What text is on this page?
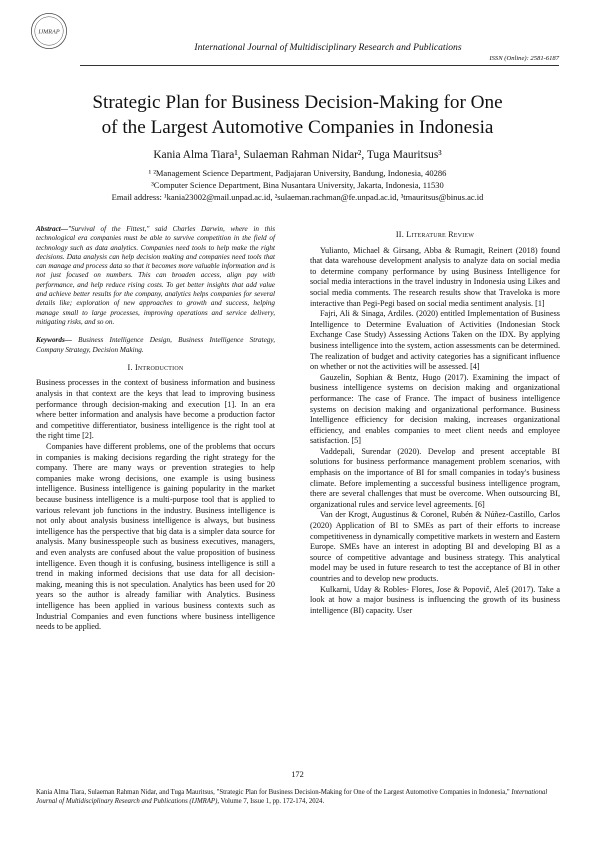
IJMRAP
International Journal of Multidisciplinary Research and Publications
ISSN (Online): 2581-6187
Strategic Plan for Business Decision-Making for One
of the Largest Automotive Companies in Indonesia
Kania Alma Tiara¹, Sulaeman Rahman Nidar², Tuga Mauritsus³
¹ ²Management Science Department, Padjajaran University, Bandung, Indonesia, 40286
³Computer Science Department, Bina Nusantara University, Jakarta, Indonesia, 11530
Email address: ¹kania23002@mail.unpad.ac.id, ²sulaeman.rachman@fe.unpad.ac.id, ³tmauritsus@binus.ac.id
Abstract—"Survival of the Fittest," said Charles Darwin, where in this technological era companies must be able to survive competition in the field of technology such as data analytics. Companies need tools to help make the right decisions. Data analysis can help decision making and companies need tools that can manage and process data so that it becomes more valuable information and is not just focused on numbers. This can broaden access, align pay with performance, and help reduce rising costs. To get better insights that add value and achieve better results for the company, analytics helps companies for several details like; exploration of new approaches to growth and success, helping manage small to large processes, improving operations and service delivery, mitigating risks, and so on.
Keywords— Business Intelligence Design, Business Intelligence Strategy, Company Strategy, Decision Making.
I. Introduction

Business processes in the context of business information and business analysis in that context are the keys that lead to improving business performance through decision-making and execution [1]. In an era where better information and analysis have become a production factor and competitive differentiator, business intelligence is the right tool at the right time [2].

Companies have different problems, one of the problems that occurs in companies is making decisions regarding the right strategy for the company. There are many ways or prevention strategies to help companies make wrong decisions, one example is using business intelligence. Business intelligence is gaining popularity in the market because business intelligence is a multi-purpose tool that is applied to various relevant job functions in the industry. Business intelligence is not only about analysis business intelligence is always, but business intelligence has the perspective that big data is a simpler data source for analysis. Many businesspeople such as business executives, managers, and even analysts are confused about the value proposition of business intelligence. Even though it is confusing, business intelligence is still a trend in making informed decisions that use data for all decision-making, meaning this is not speculation. Analytics has been used for 20 years so the author is already familiar with Analytics. Business intelligence has been applied in various business contexts such as Industrial Companies and even functions where business intelligence needs to be applied.

II. Literature Review

Yulianto, Michael & Girsang, Abba & Rumagit, Reinert (2018) found that data warehouse development analysis to analyze data on social media to determine company performance by using Business Intelligence for social media interactions in the travel industry in Indonesia using Likes and social media comments. The research results show that Traveloka is more interactive than Pegi-Pegi based on social media sentiment analysis. [1]

Fajri, Ali & Sinaga, Ardiles. (2020) entitled Implementation of Business Intelligence to Determine Evaluation of Activities (Indonesian Stock Exchange Case Study) Assessing Actions Taken on the IDX. By applying business intelligence into the system, action assessments can be determined. The realization of budget and activity categories has a significant influence on whether or not the activities will be assessed. [4]

Gauzelin, Sophian & Bentz, Hugo (2017). Examining the impact of business intelligence systems on decision making and organizational performance: The case of France. The impact of business intelligence systems on decision making and organizational performance. Business Intelligence efficiency for decision making, increases organizational efficiency, and enables companies to meet client needs and employee satisfaction. [5]

Vaddepali, Surendar (2020). Develop and present acceptable BI solutions for business performance management problem scenarios, with emphasis on the importance of BI for small companies in today's business climate. Before implementing a successful business intelligence program, there are several challenges that must be overcome. When outsourcing BI, organizational rules and service level agreements. [6]

Van der Krogt, Augustinus & Coronel, Rubén & Núñez-Castillo, Carlos (2020) Application of BI to SMEs as part of their efforts to increase competitiveness in dynamically competitive markets in western and Eastern Europe. SMEs have an interest in adopting BI and developing BI as a source of competitive advantage and business strategy. This analytical model may be used in future research to test the acceptance of BI in other countries and to develop new products.

Kulkarni, Uday & Robles- Flores, Jose & Popovič, Aleš (2017). Take a look at how a major business is influencing the growth of its business intelligence (BI) capacity. User

172
Kania Alma Tiara, Sulaeman Rahman Nidar, and Tuga Mauritsus, "Strategic Plan for Business Decision-Making for One of the Largest Automotive Companies in Indonesia," International Journal of Multidisciplinary Research and Publications (IJMRAP), Volume 7, Issue 1, pp. 172-174, 2024.
